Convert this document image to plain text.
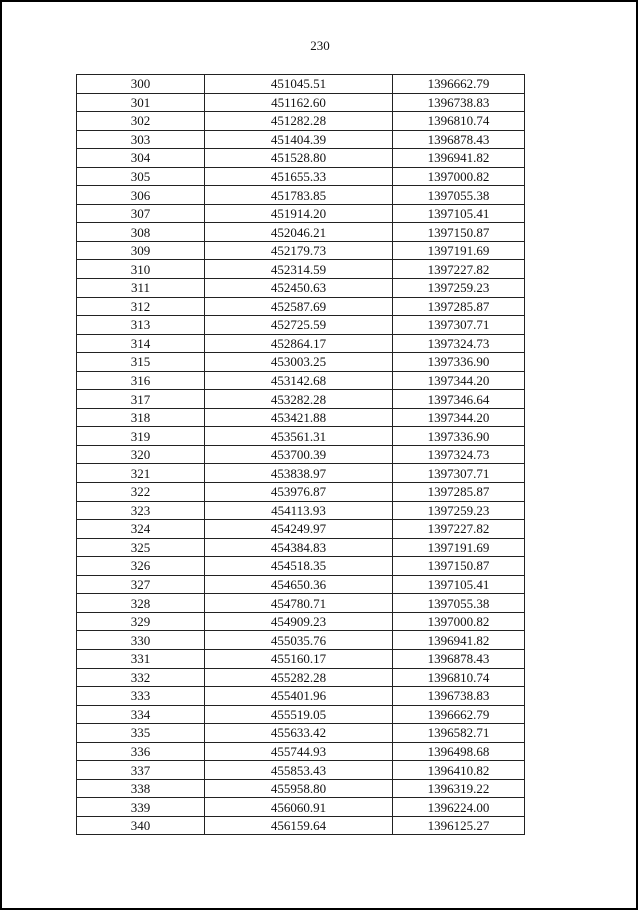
230
300	451045.51	1396662.79
301	451162.60	1396738.83
302	451282.28	1396810.74
303	451404.39	1396878.43
304	451528.80	1396941.82
305	451655.33	1397000.82
306	451783.85	1397055.38
307	451914.20	1397105.41
308	452046.21	1397150.87
309	452179.73	1397191.69
310	452314.59	1397227.82
311	452450.63	1397259.23
312	452587.69	1397285.87
313	452725.59	1397307.71
314	452864.17	1397324.73
315	453003.25	1397336.90
316	453142.68	1397344.20
317	453282.28	1397346.64
318	453421.88	1397344.20
319	453561.31	1397336.90
320	453700.39	1397324.73
321	453838.97	1397307.71
322	453976.87	1397285.87
323	454113.93	1397259.23
324	454249.97	1397227.82
325	454384.83	1397191.69
326	454518.35	1397150.87
327	454650.36	1397105.41
328	454780.71	1397055.38
329	454909.23	1397000.82
330	455035.76	1396941.82
331	455160.17	1396878.43
332	455282.28	1396810.74
333	455401.96	1396738.83
334	455519.05	1396662.79
335	455633.42	1396582.71
336	455744.93	1396498.68
337	455853.43	1396410.82
338	455958.80	1396319.22
339	456060.91	1396224.00
340	456159.64	1396125.27
